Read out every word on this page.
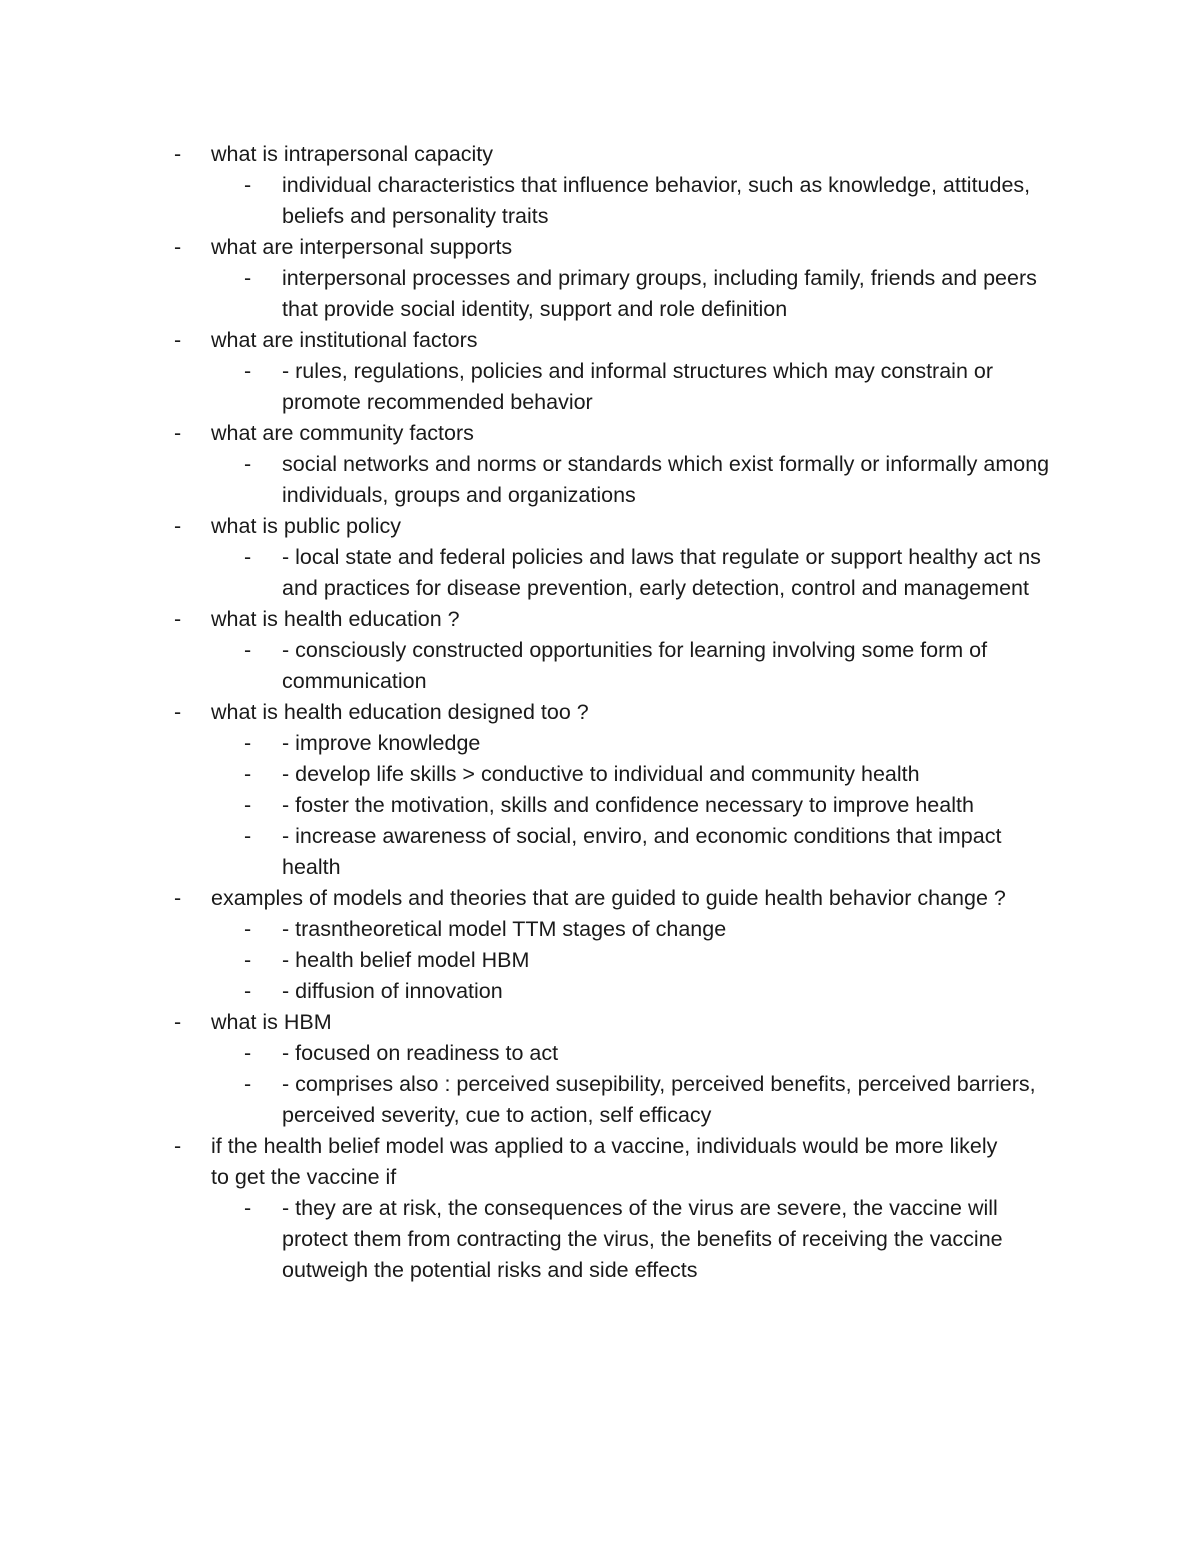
- what is intrapersonal capacity
- individual characteristics that influence behavior, such as knowledge, attitudes, beliefs and personality traits
- what are interpersonal supports
- interpersonal processes and primary groups, including family, friends and peers that provide social identity, support and role definition
- what are institutional factors
- - rules, regulations, policies and informal structures which may constrain or promote recommended behavior
- what are community factors
- social networks and norms or standards which exist formally or informally among individuals, groups and organizations
- what is public policy
- - local state and federal policies and laws that regulate or support healthy act ns and practices for disease prevention, early detection, control and management
- what is health education ?
- - consciously constructed opportunities for learning involving some form of communication
- what is health education designed too ?
- - improve knowledge
- - develop life skills > conductive to individual and community health
- - foster the motivation, skills and confidence necessary to improve health
- - increase awareness of social, enviro, and economic conditions that impact health
- examples of models and theories that are guided to guide health behavior change ?
- - trasntheoretical model TTM stages of change
- - health belief model HBM
- - diffusion of innovation
- what is HBM
- - focused on readiness to act
- - comprises also : perceived susepibility, perceived benefits, perceived barriers, perceived severity, cue to action, self efficacy
- if the health belief model was applied to a vaccine, individuals would be more likely to get the vaccine if
- - they are at risk, the consequences of the virus are severe, the vaccine will protect them from contracting the virus, the benefits of receiving the vaccine outweigh the potential risks and side effects
